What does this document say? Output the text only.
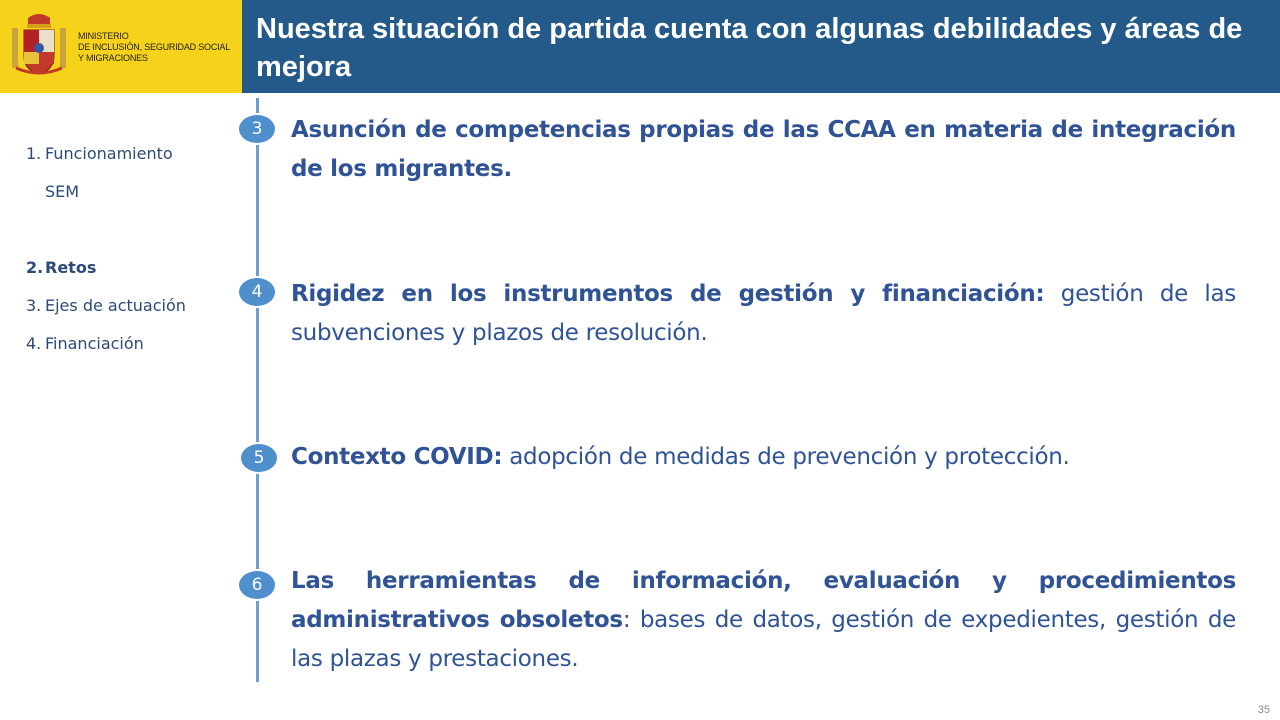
MINISTERIO
DE INCLUSIÓN, SEGURIDAD SOCIAL
Y MIGRACIONES
Nuestra situación de partida cuenta con algunas debilidades y áreas de mejora
1. Funcionamiento SEM
2. Retos
3. Ejes de actuación
4. Financiación
3	Asunción de competencias propias de las CCAA en materia de integración de los migrantes.
4	Rigidez en los instrumentos de gestión y financiación: gestión de las subvenciones y plazos de resolución.
5	Contexto COVID: adopción de medidas de prevención y protección.
6	Las herramientas de información, evaluación y procedimientos administrativos obsoletos: bases de datos, gestión de expedientes, gestión de las plazas y prestaciones.
35
